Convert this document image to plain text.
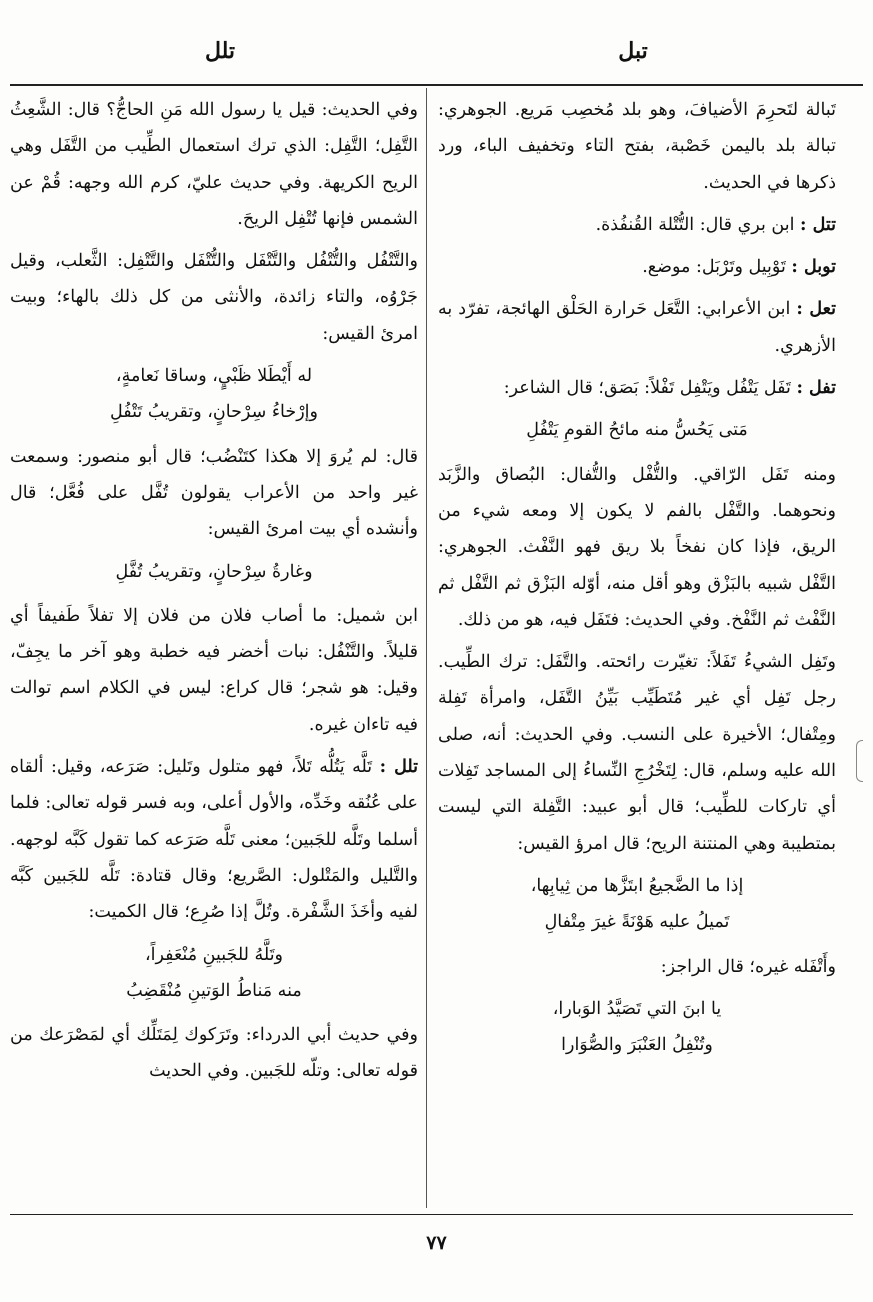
تبل
تلل

تَبالة لتَحرِمَ الأضيافَ، وهو بلد مُخصِب مَريع. الجوهري: تبالة بلد باليمن خَصْبة، بفتح التاء وتخفيف الباء، ورد ذكرها في الحديث.

تتل : ابن بري قال: التُّتْلة القُنفُذة.

توبل : تَوْبِيل وتَرْبَل: موضع.

تعل : ابن الأعرابي: التَّعَل حَرارة الحَلْق الهائجة، تفرّد به الأزهري.

تفل : تَفَل يَتْفُل ويَتْفِل تَفْلاً: بَصَق؛ قال الشاعر:

مَتى يَحُسُّ منه مائحُ القومِ يَتْفُلِ

ومنه تَفَل الرّاقي. والتُّفْل والتُّفال: البُصاق والزَّبَد ونحوهما. والتَّفْل بالفم لا يكون إلا ومعه شيء من الريق، فإذا كان نفخاً بلا ريق فهو النَّفْث. الجوهري: التَّفْل شبيه بالبَزْق وهو أقل منه، أوّله البَزْق ثم التَّفْل ثم النَّفْث ثم النَّفْخ. وفي الحديث: فتَفَل فيه، هو من ذلك.

وتَفِل الشيءُ تَفَلاً: تغيّرت رائحته. والتَّفَل: ترك الطِّيب. رجل تَفِل أي غير مُتَطَيِّب بَيِّنُ التَّفَل، وامرأة تَفِلة ومِتْفال؛ الأخيرة على النسب. وفي الحديث: أنه، صلى الله عليه وسلم، قال: لِتَخْرُجِ النِّساءُ إلى المساجد تَفِلات أي تاركات للطِّيب؛ قال أبو عبيد: التَّفِلة التي ليست بمتطيبة وهي المنتنة الريح؛ قال امرؤ القيس:

إذا ما الضَّجيعُ ابتَزَّها من ثِيابِها،
تَميلُ عليه هَوْنَةً غيرَ مِتْفالِ

وأَتْفَله غيره؛ قال الراجز:

يا ابنَ التي تَصَيَّدُ الوَبارا،
وتُنْفِلُ العَنْبَرَ والصُّوَارا

وفي الحديث: قيل يا رسول الله مَنِ الحاجُّ؟ قال: الشَّعِثُ التَّفِل؛ التَّفِل: الذي ترك استعمال الطِّيب من التَّفَل وهي الريح الكريهة. وفي حديث عليّ، كرم الله وجهه: قُمْ عن الشمس فإنها تُتْفِل الريحَ.

والتَّتْفُل والتُّتْفُل والتَّتْفَل والتُّتْفَل والتَّتْفِل: الثَّعلب، وقيل جَرْوُه، والتاء زائدة، والأنثى من كل ذلك بالهاء؛ وبيت امرئ القيس:

له أَيْطَلا ظَبْيٍ، وساقا نَعامةٍ،
وإرْخاءُ سِرْحانٍ، وتقريبُ تَتْفُلِ

قال: لم يُروَ إلا هكذا كتَنْضُب؛ قال أبو منصور: وسمعت غير واحد من الأعراب يقولون تُفَّل على فُعَّل؛ قال وأنشده أي بيت امرئ القيس:

وغارةُ سِرْحانٍ، وتقريبُ تُفَّلِ

ابن شميل: ما أصاب فلان من فلان إلا تفلاً طَفيفاً أي قليلاً. والتَّنْفُل: نبات أخضر فيه خطبة وهو آخر ما يجِفّ، وقيل: هو شجر؛ قال كراع: ليس في الكلام اسم توالت فيه تاءان غيره.

تلل : تَلَّه يَتُلُّه تَلاً، فهو متلول وتَليل: صَرَعه، وقيل: ألقاه على عُنُقه وخَدِّه، والأول أعلى، وبه فسر قوله تعالى: فلما أسلما وتَلَّه للجَبين؛ معنى تَلَّه صَرَعه كما تقول كَبَّه لوجهه. والتَّليل والمَتْلول: الصَّريع؛ وقال قتادة: تَلَّه للجَبين كَبَّه لفيه وأخَذَ الشَّفْرة. وتُلَّ إذا صُرِع؛ قال الكميت:

وتَلَّهُ للجَبينِ مُنْعَفِراً،
منه مَناطُ الوَتينِ مُنْقَضِبُ

وفي حديث أبي الدرداء: وتَرَكوك لِمَتَلِّك أي لمَصْرَعك من قوله تعالى: وتلّه للجَبين. وفي الحديث

٧٧
